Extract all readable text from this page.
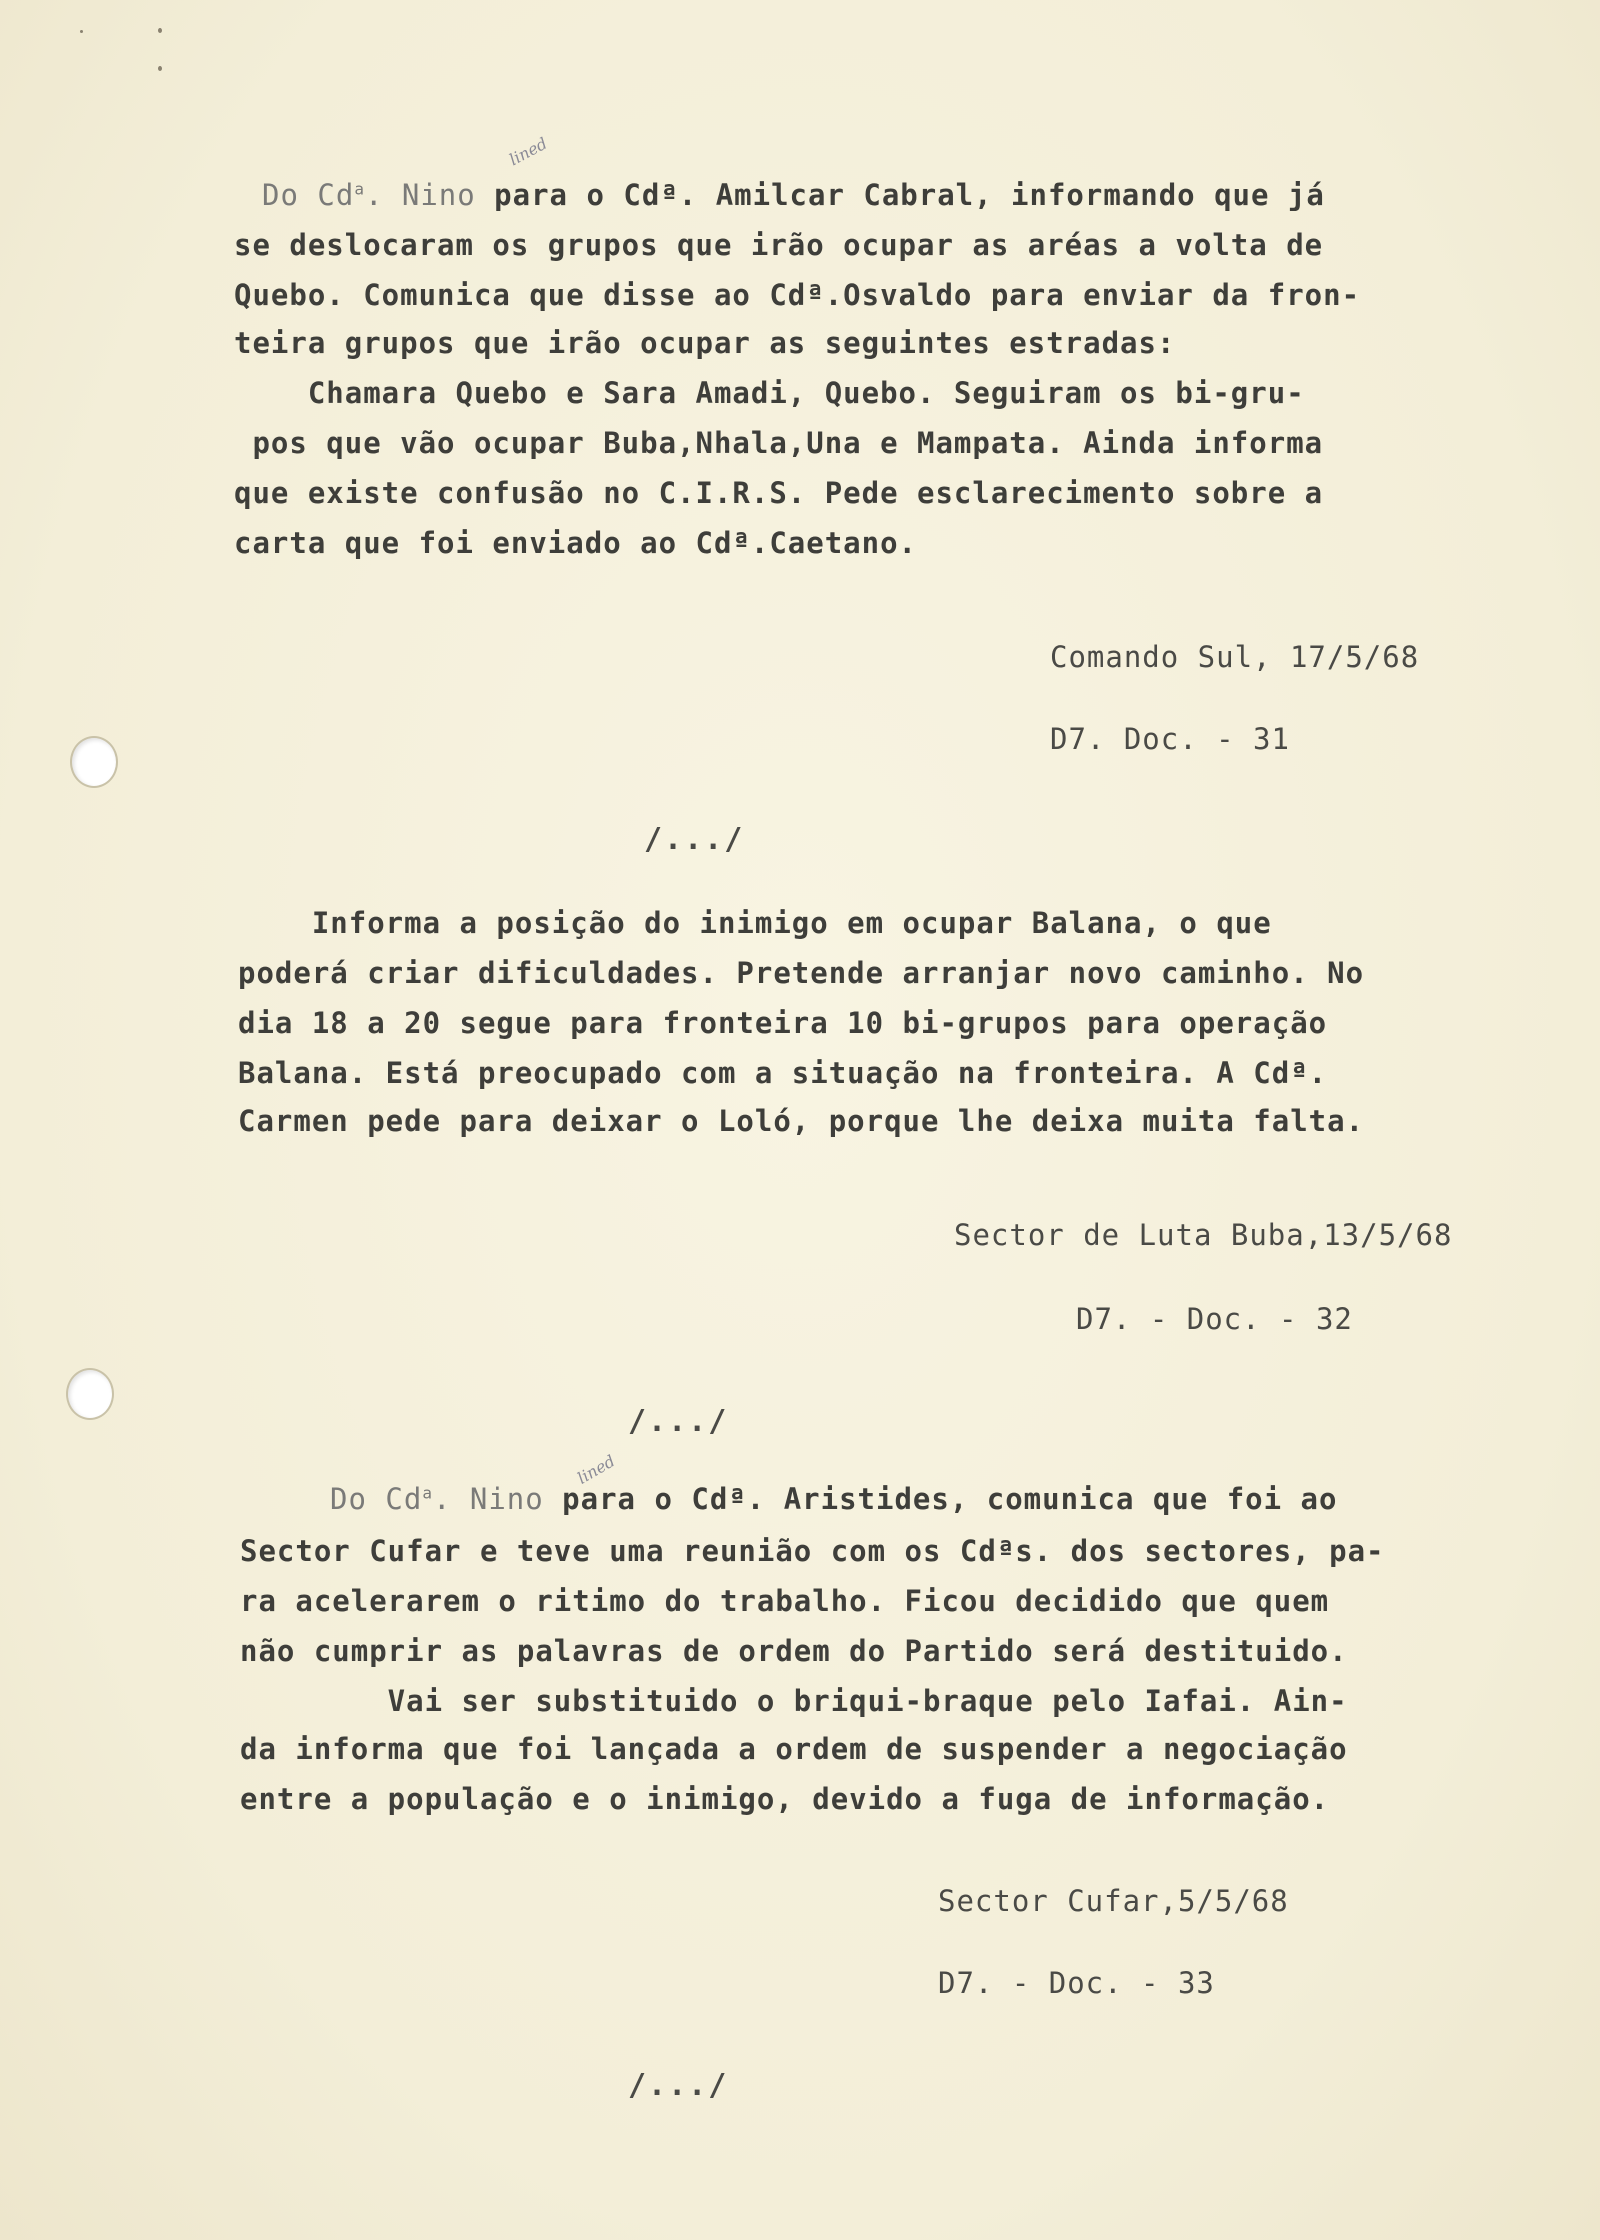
Do Cd$^a$. Nino para o Cdª. Amilcar Cabral, informando que já
lined
se deslocaram os grupos que irão ocupar as aréas a volta de
Quebo. Comunica que disse ao Cdª.Osvaldo para enviar da fron-
teira grupos que irão ocupar as seguintes estradas:
Chamara Quebo e Sara Amadi, Quebo. Seguiram os bi-gru-
pos que vão ocupar Buba,Nhala,Una e Mampata. Ainda informa
que existe confusão no C.I.R.S. Pede esclarecimento sobre a
carta que foi enviado ao Cdª.Caetano.
Comando Sul, 17/5/68
D7. Doc. - 31
/.../
Informa a posição do inimigo em ocupar Balana, o que
poderá criar dificuldades. Pretende arranjar novo caminho. No
dia 18 a 20 segue para fronteira 10 bi-grupos para operação
Balana. Está preocupado com a situação na fronteira. A Cdª.
Carmen pede para deixar o Loló, porque lhe deixa muita falta.
Sector de Luta Buba,13/5/68
D7. - Doc. - 32
/.../
Do Cd$^a$. Nino para o Cdª. Aristides, comunica que foi ao
lined
Sector Cufar e teve uma reunião com os Cdªs. dos sectores, pa-
ra acelerarem o ritimo do trabalho. Ficou decidido que quem
não cumprir as palavras de ordem do Partido será destituido.
Vai ser substituido o briqui-braque pelo Iafai. Ain-
da informa que foi lançada a ordem de suspender a negociação
entre a população e o inimigo, devido a fuga de informação.
Sector Cufar,5/5/68
D7. - Doc. - 33
/.../
